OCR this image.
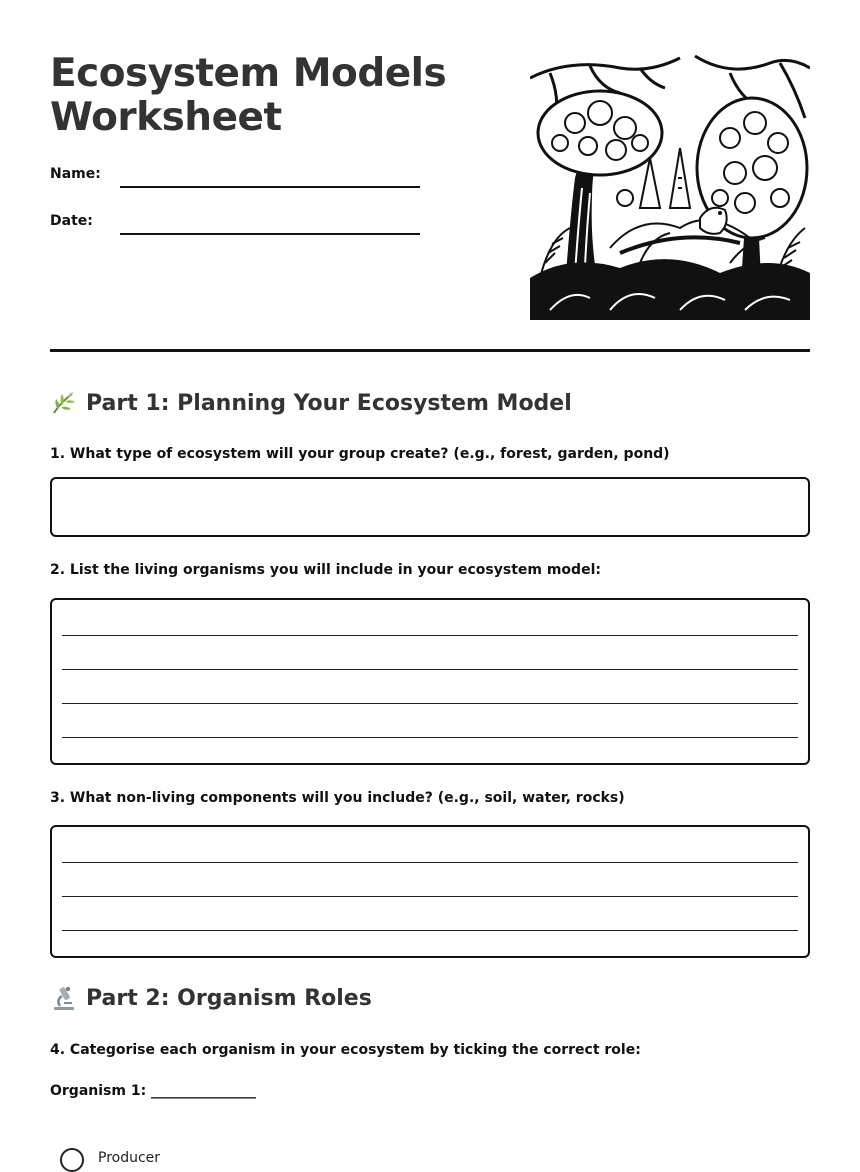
Ecosystem Models
Worksheet
Name:
Date:
Part 1: Planning Your Ecosystem Model
1. What type of ecosystem will your group create? (e.g., forest, garden, pond)
2. List the living organisms you will include in your ecosystem model:
3. What non-living components will you include? (e.g., soil, water, rocks)
Part 2: Organism Roles
4. Categorise each organism in your ecosystem by ticking the correct role:
Organism 1: _______________
Producer
